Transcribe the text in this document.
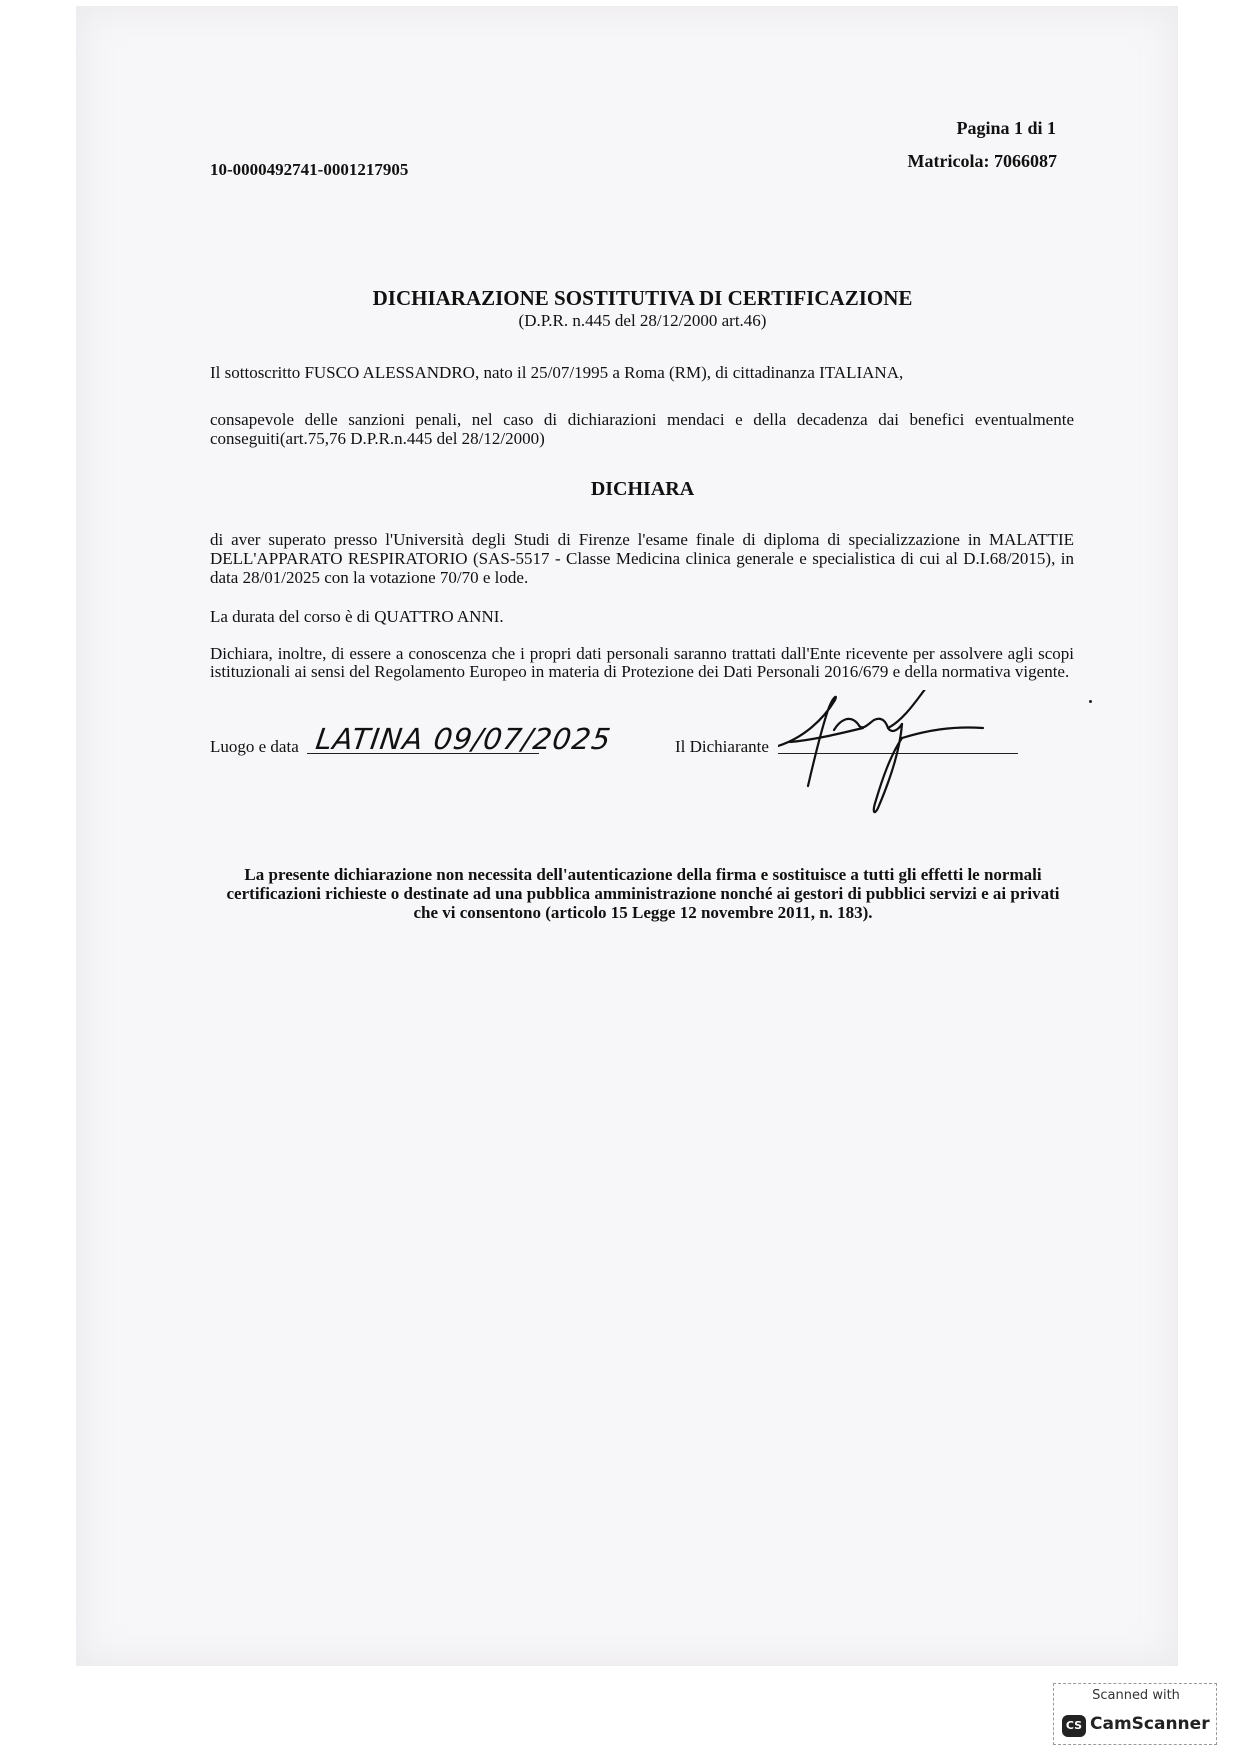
Pagina 1 di 1

Matricola: 7066087

10-0000492741-0001217905

DICHIARAZIONE SOSTITUTIVA DI CERTIFICAZIONE

(D.P.R. n.445 del 28/12/2000 art.46)

Il sottoscritto FUSCO ALESSANDRO, nato il 25/07/1995 a Roma (RM), di cittadinanza ITALIANA,

consapevole delle sanzioni penali, nel caso di dichiarazioni mendaci e della decadenza dai benefici eventualmente conseguiti(art.75,76 D.P.R.n.445 del 28/12/2000)

DICHIARA

di aver superato presso l'Università degli Studi di Firenze l'esame finale di diploma di specializzazione in MALATTIE DELL'APPARATO RESPIRATORIO (SAS-5517 - Classe Medicina clinica generale e specialistica di cui al D.I.68/2015), in data 28/01/2025 con la votazione 70/70 e lode.

La durata del corso è di QUATTRO ANNI.

Dichiara, inoltre, di essere a conoscenza che i propri dati personali saranno trattati dall'Ente ricevente per assolvere agli scopi istituzionali ai sensi del Regolamento Europeo in materia di Protezione dei Dati Personali 2016/679 e della normativa vigente.

Luogo e data LATINA 09/07/2025	Il Dichiarante

La presente dichiarazione non necessita dell'autenticazione della firma e sostituisce a tutti gli effetti le normali certificazioni richieste o destinate ad una pubblica amministrazione nonché ai gestori di pubblici servizi e ai privati che vi consentono (articolo 15 Legge 12 novembre 2011, n. 183).

Scanned with
CS CamScanner
